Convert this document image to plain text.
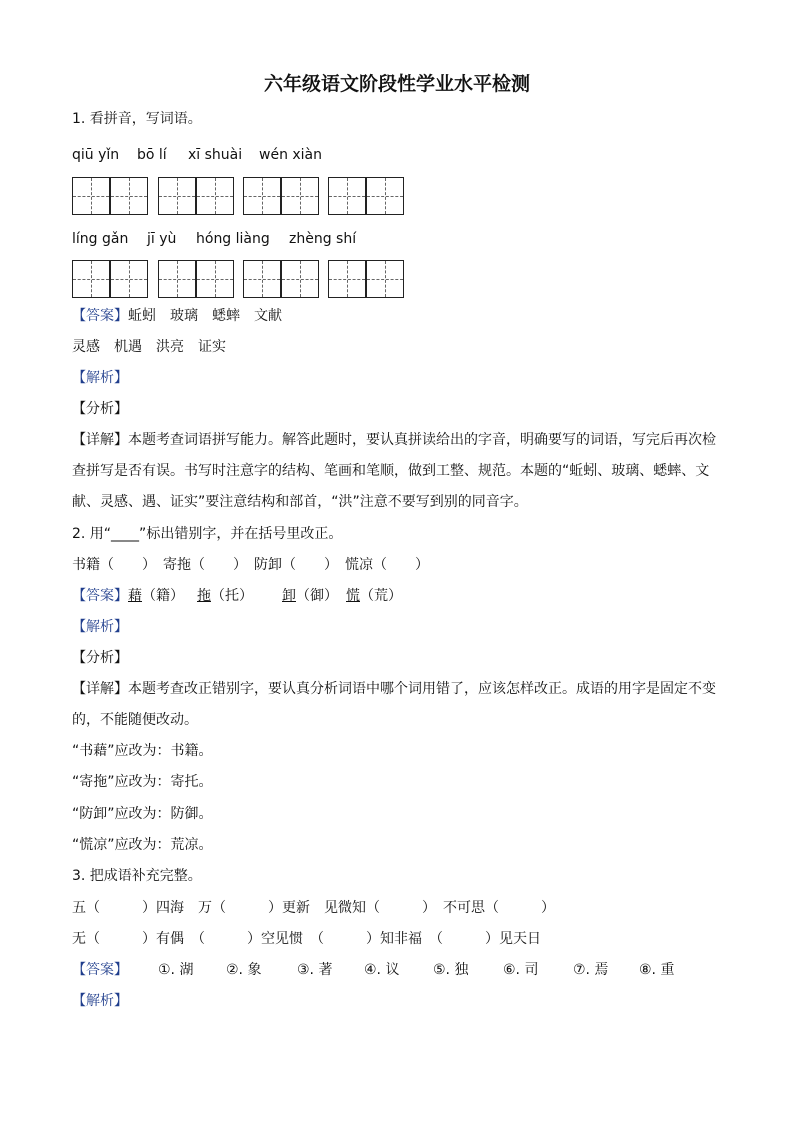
六年级语文阶段性学业水平检测
1. 看拼音，写词语。
qiū yǐn bō lí xī shuài wén xiàn
líng gǎn jī yù hóng liàng zhèng shí
【答案】蚯蚓　玻璃　蟋蟀　文献
灵感　机遇　洪亮　证实
【解析】
【分析】
【详解】本题考查词语拼写能力。解答此题时，要认真拼读给出的字音，明确要写的词语，写完后再次检
查拼写是否有误。书写时注意字的结构、笔画和笔顺，做到工整、规范。本题的“蚯蚓、玻璃、蟋蟀、文
献、灵感、遇、证实”要注意结构和部首，“洪”注意不要写到别的同音字。
2. 用“____”标出错别字，并在括号里改正。
书籍（　　）　寄拖（　　）　防卸（　　）　慌凉（　　）
【答案】 藉（籍） 拖（托） 卸（御） 慌（荒）
【解析】
【分析】
【详解】本题考查改正错别字，要认真分析词语中哪个词用错了，应该怎样改正。成语的用字是固定不变
的，不能随便改动。
“书藉”应改为：书籍。
“寄拖”应改为：寄托。
“防卸”应改为：防御。
“慌凉”应改为：荒凉。
3. 把成语补充完整。
五（　　　）四海　万（　　　）更新　见微知（　　　）　不可思（　　　）
无（　　　）有偶　（　　　）空见惯　（　　　）知非福　（　　　）见天日
【答案】 ①. 湖 ②. 象	③. 著 ④. 议 ⑤. 独 ⑥. 司 ⑦. 焉 ⑧. 重
【解析】
